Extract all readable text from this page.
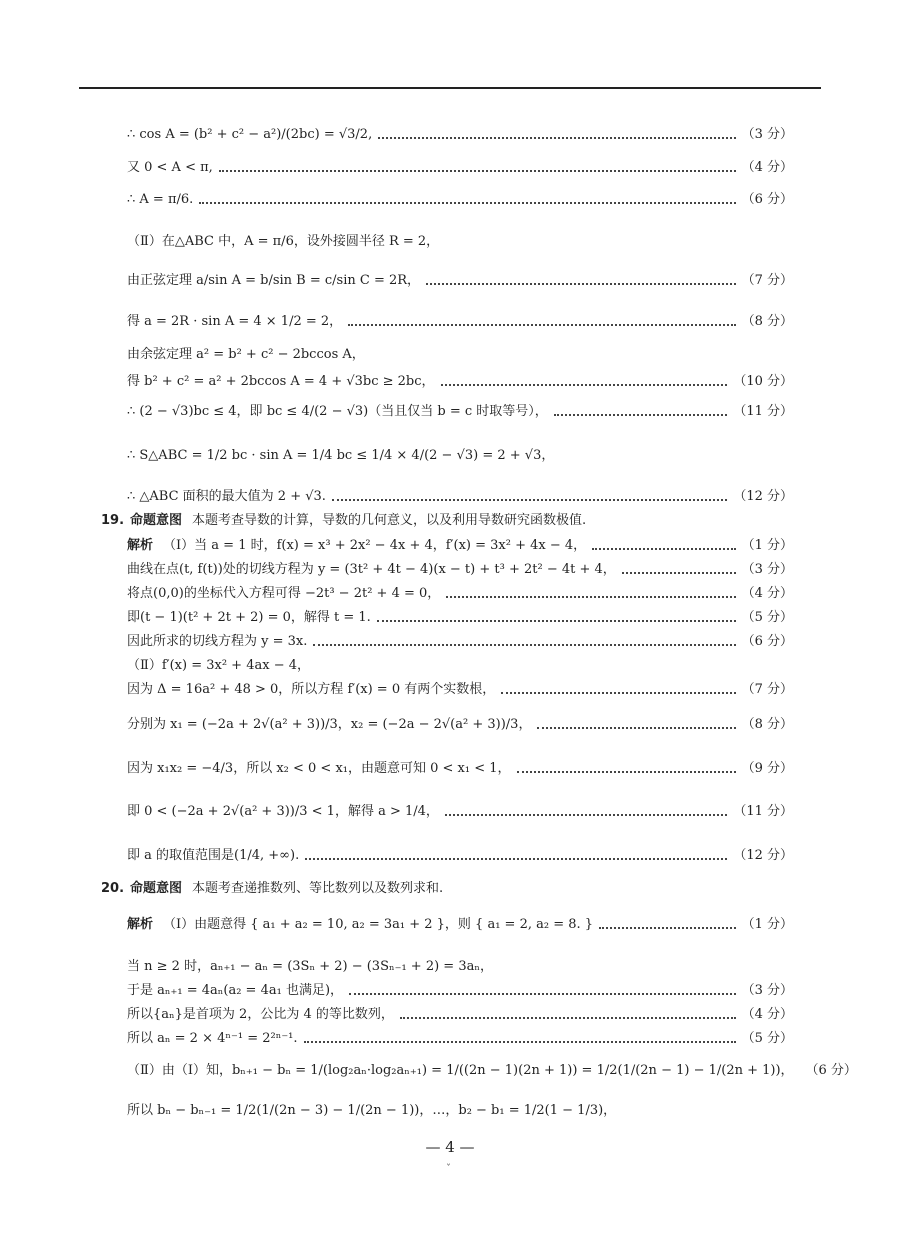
∴ cos A = (b² + c² − a²)/(2bc) = √3/2,	（3 分）
又 0 < A < π,	（4 分）
∴ A = π/6.	（6 分）
（Ⅱ）在△ABC 中，A = π/6，设外接圆半径 R = 2，
由正弦定理 a/sin A = b/sin B = c/sin C = 2R，	（7 分）
得 a = 2R · sin A = 4 × 1/2 = 2，	（8 分）
由余弦定理 a² = b² + c² − 2bccos A，
得 b² + c² = a² + 2bccos A = 4 + √3bc ≥ 2bc，	（10 分）
∴ (2 − √3)bc ≤ 4，即 bc ≤ 4/(2 − √3)（当且仅当 b = c 时取等号），	（11 分）
∴ S△ABC = 1/2 bc · sin A = 1/4 bc ≤ 1/4 × 4/(2 − √3) = 2 + √3，
∴ △ABC 面积的最大值为 2 + √3.	（12 分）
19. 命题意图 本题考查导数的计算，导数的几何意义，以及利用导数研究函数极值.
解析 （Ⅰ）当 a = 1 时，f(x) = x³ + 2x² − 4x + 4，f′(x) = 3x² + 4x − 4，	（1 分）
曲线在点(t, f(t))处的切线方程为 y = (3t² + 4t − 4)(x − t) + t³ + 2t² − 4t + 4，	（3 分）
将点(0,0)的坐标代入方程可得 −2t³ − 2t² + 4 = 0，	（4 分）
即(t − 1)(t² + 2t + 2) = 0，解得 t = 1.	（5 分）
因此所求的切线方程为 y = 3x.	（6 分）
（Ⅱ）f′(x) = 3x² + 4ax − 4，
因为 Δ = 16a² + 48 > 0，所以方程 f′(x) = 0 有两个实数根，	（7 分）
分别为 x₁ = (−2a + 2√(a² + 3))/3，x₂ = (−2a − 2√(a² + 3))/3，	（8 分）
因为 x₁x₂ = −4/3，所以 x₂ < 0 < x₁，由题意可知 0 < x₁ < 1，	（9 分）
即 0 < (−2a + 2√(a² + 3))/3 < 1，解得 a > 1/4，	（11 分）
即 a 的取值范围是(1/4, +∞).	（12 分）
20. 命题意图 本题考查递推数列、等比数列以及数列求和.
解析 （Ⅰ）由题意得 { a₁ + a₂ = 10, a₂ = 3a₁ + 2 }，则 { a₁ = 2, a₂ = 8. }	（1 分）
当 n ≥ 2 时，aₙ₊₁ − aₙ = (3Sₙ + 2) − (3Sₙ₋₁ + 2) = 3aₙ，
于是 aₙ₊₁ = 4aₙ(a₂ = 4a₁ 也满足)，	（3 分）
所以{aₙ}是首项为 2，公比为 4 的等比数列，	（4 分）
所以 aₙ = 2 × 4ⁿ⁻¹ = 2²ⁿ⁻¹.	（5 分）
（Ⅱ）由（Ⅰ）知，bₙ₊₁ − bₙ = 1/(log₂aₙ·log₂aₙ₊₁) = 1/((2n − 1)(2n + 1)) = 1/2(1/(2n − 1) − 1/(2n + 1))， （6 分）
所以 bₙ − bₙ₋₁ = 1/2(1/(2n − 3) − 1/(2n − 1))，…，b₂ − b₁ = 1/2(1 − 1/3)，
— 4 —
ˇ
